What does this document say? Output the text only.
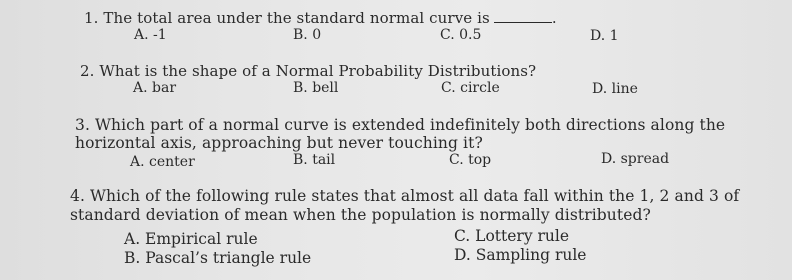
1. The total area under the standard normal curve is	.
A. -1	B. 0	C. 0.5	D. 1
2. What is the shape of a Normal Probability Distributions?
A. bar	B. bell	C. circle	D. line
3. Which part of a normal curve is extended indefinitely both directions along the
horizontal axis, approaching but never touching it?
A. center	B. tail	C. top	D. spread
4. Which of the following rule states that almost all data fall within the 1, 2 and 3 of
standard deviation of mean when the population is normally distributed?
A. Empirical rule
B. Pascal’s triangle rule
C. Lottery rule
D. Sampling rule
